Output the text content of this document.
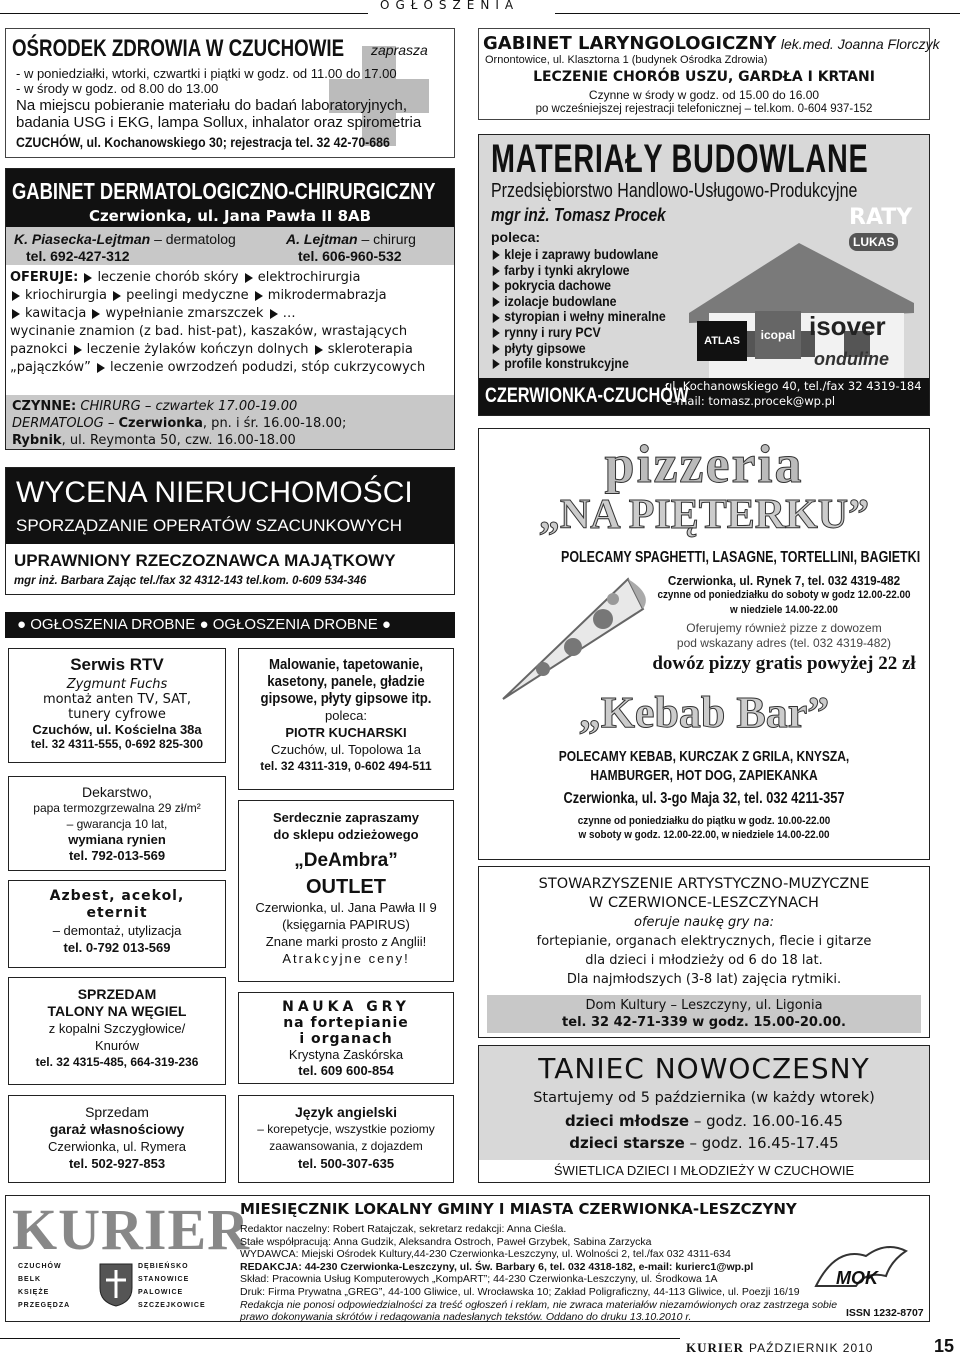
OGŁOSZENIA
OŚRODEK ZDROWIA W CZUCHOWIE zaprasza
- w poniedziałki, wtorki, czwartki i piątki w godz. od 11.00 do 17.00
- w środy w godz. od 8.00 do 13.00
Na miejscu pobieranie materiału do badań laboratoryjnych,
badania USG i EKG, lampa Sollux, inhalator oraz spirometria
CZUCHÓW, ul. Kochanowskiego 30; rejestracja tel. 32 42-70-686
GABINET DERMATOLOGICZNO-CHIRURGICZNY
Czerwionka, ul. Jana Pawła II 8AB
K. Piasecka-Lejtman – dermatolog
tel. 692-427-312
A. Lejtman – chirurg
tel. 606-960-532
OFERUJE: leczenie chorób skóry elektrochirurgia
kriochirurgia peelingi medyczne mikrodermabrazja
kawitacja wypełnianie zmarszczek …
wycinanie znamion (z bad. hist-pat), kaszaków, wrastających paznokci leczenie żylaków kończyn dolnych skleroterapia „pajączków” leczenie owrzodzeń podudzi, stóp cukrzycowych
CZYNNE: CHIRURG – czwartek 17.00-19.00
DERMATOLOG – Czerwionka, pn. i śr. 16.00-18.00;
Rybnik, ul. Reymonta 50, czw. 16.00-18.00
WYCENA NIERUCHOMOŚCI
SPORZĄDZANIE OPERATÓW SZACUNKOWYCH
UPRAWNIONY RZECZOZNAWCA MAJĄTKOWY
mgr inż. Barbara Zając tel./fax 32 4312-143 tel.kom. 0-609 534-346
● OGŁOSZENIA DROBNE ● OGŁOSZENIA DROBNE ●
Serwis RTV
Zygmunt Fuchs
montaż anten TV, SAT,
tunery cyfrowe
Czuchów, ul. Kościelna 38a
tel. 32 4311-555, 0-692 825-300
Dekarstwo,
papa termozgrzewalna 29 zł/m²
– gwarancja 10 lat,
wymiana rynien
tel. 792-013-569
Azbest, acekol,
eternit
– demontaż, utylizacja
tel. 0-792 013-569
SPRZEDAM
TALONY NA WĘGIEL
z kopalni Szczygłowice/
Knurów
tel. 32 4315-485, 664-319-236
Sprzedam
garaż własnościowy
Czerwionka, ul. Rymera
tel. 502-927-853
Malowanie, tapetowanie,
kasetony, panele, gładzie
gipsowe, płyty gipsowe itp.
poleca:
PIOTR KUCHARSKI
Czuchów, ul. Topolowa 1a
tel. 32 4311-319, 0-602 494-511
Serdecznie zapraszamy
do sklepu odzieżowego
„DeAmbra”
OUTLET
Czerwionka, ul. Jana Pawła II 9
(księgarnia PAPIRUS)
Znane marki prosto z Anglii!
Atrakcyjne ceny!
NAUKA GRY
na fortepianie
i organach
Krystyna Zaskórska
tel. 609 600-854
Język angielski
– korepetycje, wszystkie poziomy
zaawansowania, z dojazdem
tel. 500-307-635
GABINET LARYNGOLOGICZNY lek.med. Joanna Florczyk
Ornontowice, ul. Klasztorna 1 (budynek Ośrodka Zdrowia)
LECZENIE CHORÓB USZU, GARDŁA I KRTANI
Czynne w środy w godz. od 15.00 do 16.00
po wcześniejszej rejestracji telefonicznej – tel.kom. 0-604 937-152
MATERIAŁY BUDOWLANE
Przedsiębiorstwo Handlowo-Usługowo-Produkcyjne
mgr inż. Tomasz Procek	RATY
LUKAS
poleca:
kleje i zaprawy budowlane
farby i tynki akrylowe
pokrycia dachowe
izolacje budowlane
styropian i wełny mineralne
rynny i rury PCV
płyty gipsowe
profile konstrukcyjne
ATLAS	icopal isover
onduline
CZERWIONKA-CZUCHÓW
ul. Kochanowskiego 40, tel./fax 32 4319-184
e-mail: tomasz.procek@wp.pl
pizzeria
„NA PIĘTERKU”
POLECAMY SPAGHETTI, LASAGNE, TORTELLINI, BAGIETKI
Czerwionka, ul. Rynek 7, tel. 032 4319-482
czynne od poniedziałku do soboty w godz 12.00-22.00
w niedziele 14.00-22.00
Oferujemy również pizze z dowozem
pod wskazany adres (tel. 032 4319-482)
dowóz pizzy gratis powyżej 22 zł
„Kebab Bar”
POLECAMY KEBAB, KURCZAK Z GRILA, KNYSZA,
HAMBURGER, HOT DOG, ZAPIEKANKA
Czerwionka, ul. 3-go Maja 32, tel. 032 4211-357
czynne od poniedziałku do piątku w godz. 10.00-22.00
w soboty w godz. 12.00-22.00, w niedziele 14.00-22.00
STOWARZYSZENIE ARTYSTYCZNO-MUZYCZNE
W CZERWIONCE-LESZCZYNACH
oferuje naukę gry na:
fortepianie, organach elektrycznych, flecie i gitarze
dla dzieci i młodzieży od 6 do 18 lat.
Dla najmłodszych (3-8 lat) zajęcia rytmiki.
Dom Kultury – Leszczyny, ul. Ligonia
tel. 32 42-71-339 w godz. 15.00-20.00.
TANIEC NOWOCZESNY
Startujemy od 5 października (w każdy wtorek)
dzieci młodsze – godz. 16.00-16.45
dzieci starsze – godz. 16.45-17.45
ŚWIETLICA DZIECI I MŁODZIEŻY W CZUCHOWIE
KURIER
CZUCHÓW
BELK
KSIĘŻE
PRZEGĘDZA
DĘBIEŃSKO
STANOWICE
PALOWICE
SZCZEJKOWICE
MIESIĘCZNIK LOKALNY GMINY I MIASTA CZERWIONKA-LESZCZYNY
Redaktor naczelny: Robert Ratajczak, sekretarz redakcji: Anna Cieśla.
Stałe współpracują: Anna Gudzik, Aleksandra Ostroch, Paweł Grzybek, Sabina Zarzycka
WYDAWCA: Miejski Ośrodek Kultury,44-230 Czerwionka-Leszczyny, ul. Wolności 2, tel./fax 032 4311-634
REDAKCJA: 44-230 Czerwionka-Leszczyny, ul. Św. Barbary 6, tel. 032 4318-182, e-mail: kurierc1@wp.pl
Skład: Pracownia Usług Komputerowych „KompART”; 44-230 Czerwionka-Leszczyny, ul. Środkowa 1A
Druk: Firma Prywatna „GREG”, 44-100 Gliwice, ul. Wrocławska 10; Zakład Poligraficzny, 44-113 Gliwice, ul. Poezji 16/19
Redakcja nie ponosi odpowiedzialności za treść ogłoszeń i reklam, nie zwraca materiałów niezamówionych oraz zastrzega sobie
prawo dokonywania skrótów i redagowania nadesłanych tekstów. Oddano do druku 13.10.2010 r.	ISSN 1232-8707
MOK
KURIER PAŹDZIERNIK 2010	15
